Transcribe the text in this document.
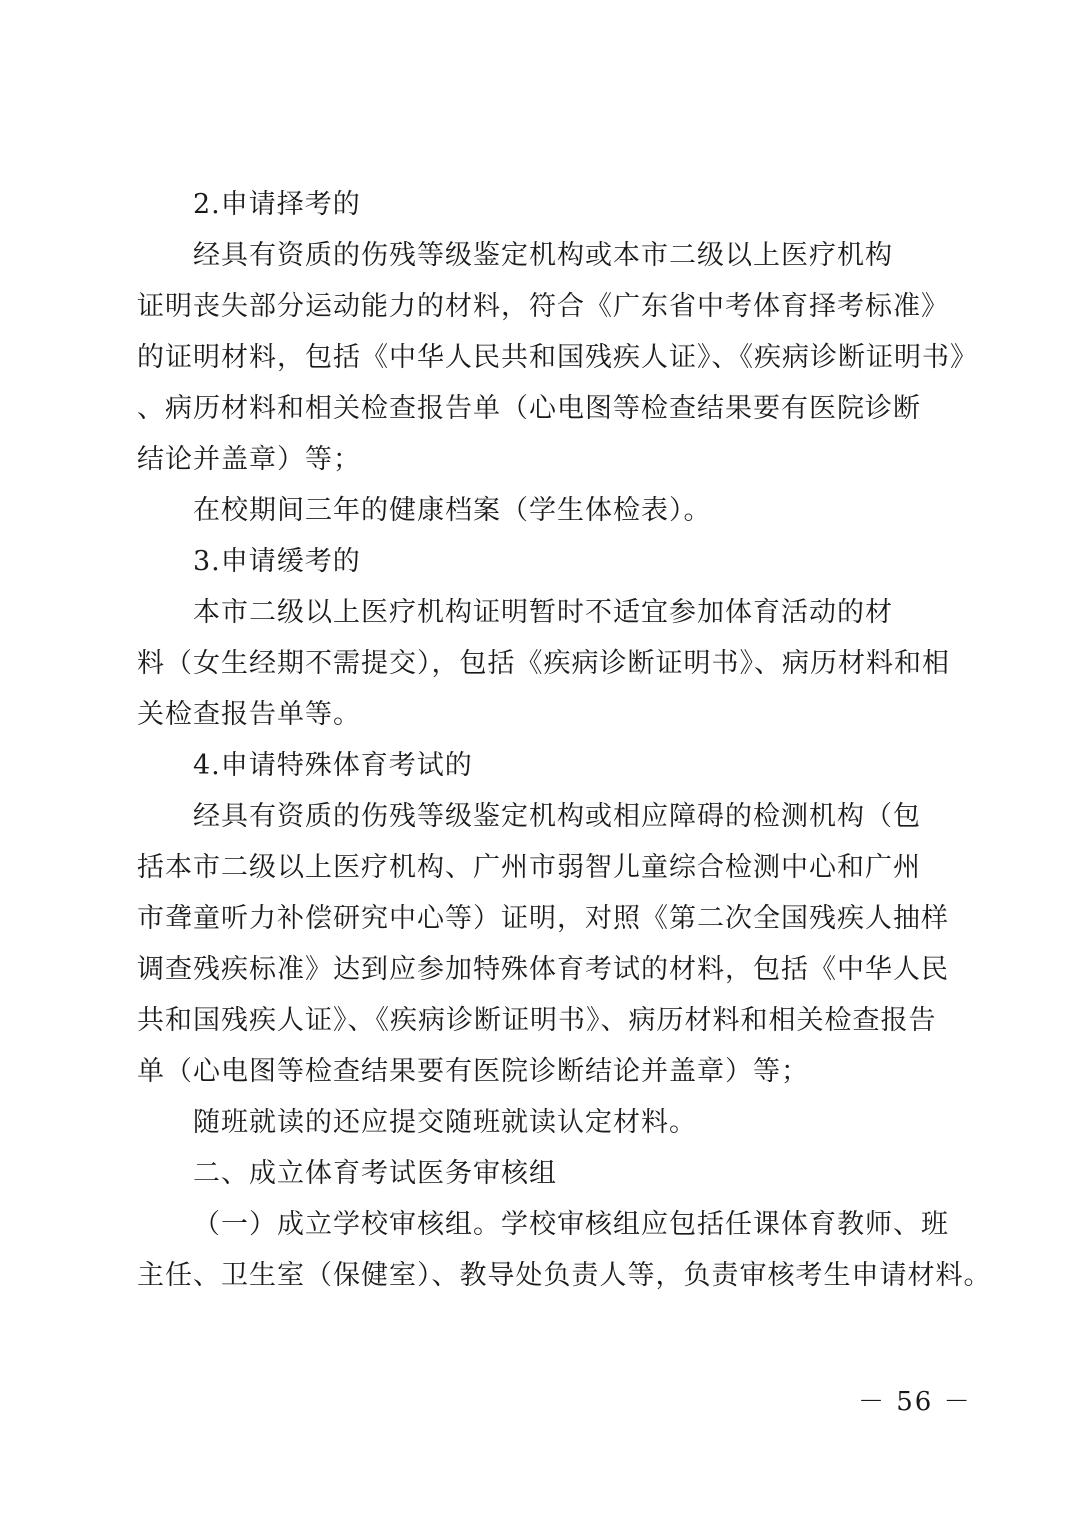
2.申请择考的
经具有资质的伤残等级鉴定机构或本市二级以上医疗机构
证明丧失部分运动能力的材料，符合《广东省中考体育择考标准》
的证明材料，包括《中华人民共和国残疾人证》、《疾病诊断证明书》
、病历材料和相关检查报告单（心电图等检查结果要有医院诊断
结论并盖章）等；
在校期间三年的健康档案（学生体检表）。
3.申请缓考的
本市二级以上医疗机构证明暂时不适宜参加体育活动的材
料（女生经期不需提交），包括《疾病诊断证明书》、病历材料和相
关检查报告单等。
4.申请特殊体育考试的
经具有资质的伤残等级鉴定机构或相应障碍的检测机构（包
括本市二级以上医疗机构、广州市弱智儿童综合检测中心和广州
市聋童听力补偿研究中心等）证明，对照《第二次全国残疾人抽样
调查残疾标准》达到应参加特殊体育考试的材料，包括《中华人民
共和国残疾人证》、《疾病诊断证明书》、病历材料和相关检查报告
单（心电图等检查结果要有医院诊断结论并盖章）等；
随班就读的还应提交随班就读认定材料。
二、成立体育考试医务审核组
（一）成立学校审核组。学校审核组应包括任课体育教师、班
主任、卫生室（保健室）、教导处负责人等，负责审核考生申请材料。
－ 56 －
